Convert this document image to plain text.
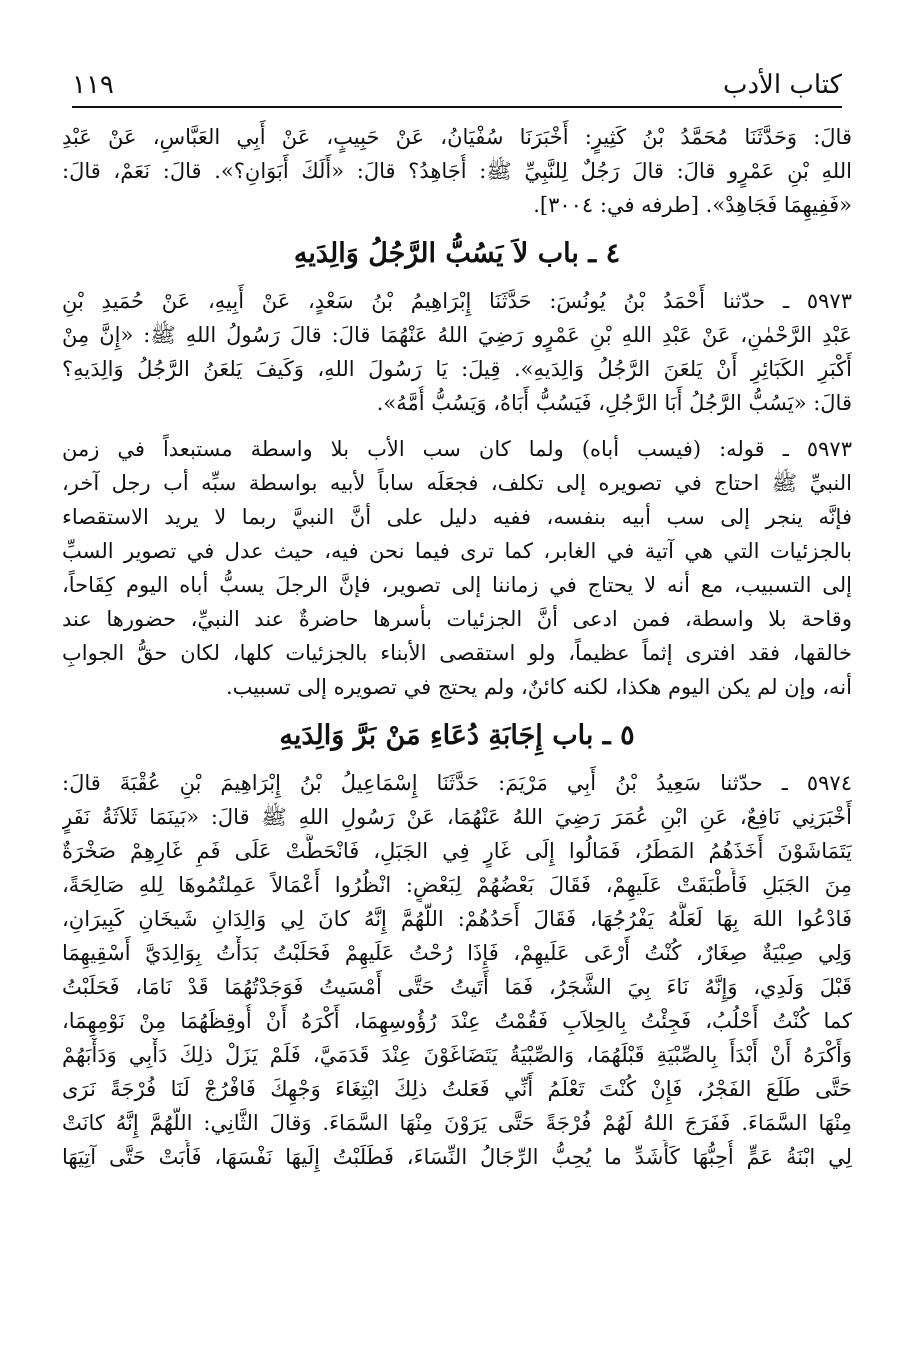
كتاب الأدب
١١٩

قالَ: وَحَدَّثَنَا مُحَمَّدُ بْنُ كَثِيرٍ: أَخْبَرَنَا سُفْيَانُ، عَنْ حَبِيبٍ، عَنْ أَبِي العَبَّاسِ، عَنْ عَبْدِ
اللهِ بْنِ عَمْرٍو قالَ: قالَ رَجُلٌ لِلنَّبِيِّ ﷺ: أُجَاهِدُ؟ قالَ: «أَلَكَ أَبَوَانِ؟». قالَ: نَعَمْ، قالَ:
«فَفِيهِمَا فَجَاهِدْ». [طرفه في: ٣٠٠٤].

٤ ـ باب لاَ يَسُبُّ الرَّجُلُ وَالِدَيهِ

٥٩٧٣ ـ حدّثنا أَحْمَدُ بْنُ يُونُسَ: حَدَّثَنَا إِبْرَاهِيمُ بْنُ سَعْدٍ، عَنْ أَبِيهِ، عَنْ حُمَيدِ بْنِ
عَبْدِ الرَّحْمٰنِ، عَنْ عَبْدِ اللهِ بْنِ عَمْرٍو رَضِيَ اللهُ عَنْهُمَا قالَ: قالَ رَسُولُ اللهِ ﷺ: «إِنَّ مِنْ
أَكْبَرِ الكَبَائِرِ أَنْ يَلعَنَ الرَّجُلُ وَالِدَيهِ». قِيلَ: يَا رَسُولَ اللهِ، وَكَيفَ يَلعَنُ الرَّجُلُ وَالِدَيهِ؟
قالَ: «يَسُبُّ الرَّجُلُ أَبَا الرَّجُلِ، فَيَسُبُّ أَبَاهُ، وَيَسُبُّ أُمَّهُ».

٥٩٧٣ ـ قوله: (فيسب أباه) ولما كان سب الأب بلا واسطة مستبعداً في زمن
النبيِّ ﷺ احتاج في تصويره إلى تكلف، فجعَلَه ساباً لأبيه بواسطة سبِّه أب رجل آخر،
فإنَّه ينجر إلى سب أبيه بنفسه، ففيه دليل على أنَّ النبيَّ ربما لا يريد الاستقصاء
بالجزئيات التي هي آتية في الغابر، كما ترى فيما نحن فيه، حيث عدل في تصوير السبِّ
إلى التسبيب، مع أنه لا يحتاج في زماننا إلى تصوير، فإنَّ الرجلَ يسبُّ أباه اليوم كِفَاحاً،
وقاحة بلا واسطة، فمن ادعى أنَّ الجزئيات بأسرها حاضرةٌ عند النبيِّ، حضورها عند
خالقها، فقد افترى إثماً عظيماً، ولو استقصى الأبناء بالجزئيات كلها، لكان حقُّ الجوابِ
أنه، وإن لم يكن اليوم هكذا، لكنه كائنٌ، ولم يحتج في تصويره إلى تسبيب.

٥ ـ باب إِجَابَةِ دُعَاءِ مَنْ بَرَّ وَالِدَيهِ

٥٩٧٤ ـ حدّثنا سَعِيدُ بْنُ أَبِي مَرْيَمَ: حَدَّثَنَا إِسْمَاعِيلُ بْنُ إِبْرَاهِيمَ بْنِ عُقْبَةَ قالَ:
أَخْبَرَنِي نَافِعٌ، عَنِ ابْنِ عُمَرَ رَضِيَ اللهُ عَنْهُمَا، عَنْ رَسُولِ اللهِ ﷺ قالَ: «بَينَمَا ثَلاَثَةُ نَفَرٍ
يَتَمَاشَوْنَ أَخَذَهُمُ المَطَرُ، فَمَالُوا إِلَى غَارٍ فِي الجَبَلِ، فَانْحَطَّتْ عَلَى فَمِ غَارِهِمْ صَخْرَةٌ
مِنَ الجَبَلِ فَأَطْبَقَتْ عَلَيهِمْ، فَقَالَ بَعْضُهُمْ لِبَعْضٍ: انْظُرُوا أَعْمَالاً عَمِلتُمُوهَا لِلهِ صَالِحَةً،
فَادْعُوا اللهَ بِهَا لَعَلَّهُ يَفْرُجُهَا، فَقَالَ أَحَدُهُمْ: اللّهُمَّ إِنَّهُ كانَ لِي وَالِدَانِ شَيخَانِ كَبِيرَانِ،
وَلِي صِبْيَةٌ صِغَارٌ، كُنْتُ أَرْعَى عَلَيهِمْ، فَإِذَا رُحْتُ عَلَيهِمْ فَحَلَبْتُ بَدَأْتُ بِوَالِدَيَّ أَسْقِيهِمَا
قَبْلَ وَلَدِي، وَإِنَّهُ نَاءَ بِيَ الشَّجَرُ، فَمَا أَتَيتُ حَتَّى أَمْسَيتُ فَوَجَدْتُهُمَا قَدْ نَامَا، فَحَلَبْتُ
كما كُنْتُ أَحْلُبُ، فَجِئْتُ بِالحِلاَبِ فَقُمْتُ عِنْدَ رُؤُوسِهِمَا، أَكْرَهُ أَنْ أُوقِظَهُمَا مِنْ نَوْمِهِمَا،
وَأَكْرَهُ أَنْ أَبْدَأَ بِالصِّبْيَةِ قَبْلَهُمَا، وَالصِّبْيَةُ يَتَضَاغَوْنَ عِنْدَ قَدَمَيَّ، فَلَمْ يَزَلْ ذلِكَ دَأْبِي وَدَأْبَهُمْ
حَتَّى طَلَعَ الفَجْرُ، فَإِنْ كُنْتَ تَعْلَمُ أَنِّي فَعَلتُ ذلِكَ ابْتِغَاءَ وَجْهِكَ فَافْرُجْ لَنَا فُرْجَةً نَرَى
مِنْهَا السَّمَاءَ. فَفَرَجَ اللهُ لَهُمْ فُرْجَةً حَتَّى يَرَوْنَ مِنْهَا السَّمَاءَ. وَقالَ الثَّانِي: اللّهُمَّ إِنَّهُ كانَتْ
لِي ابْنَةُ عَمٍّ أُحِبُّهَا كَأَشَدِّ ما يُحِبُّ الرِّجَالُ النِّسَاءَ، فَطَلَبْتُ إِلَيهَا نَفْسَهَا، فَأَبَتْ حَتَّى آتِيَهَا
